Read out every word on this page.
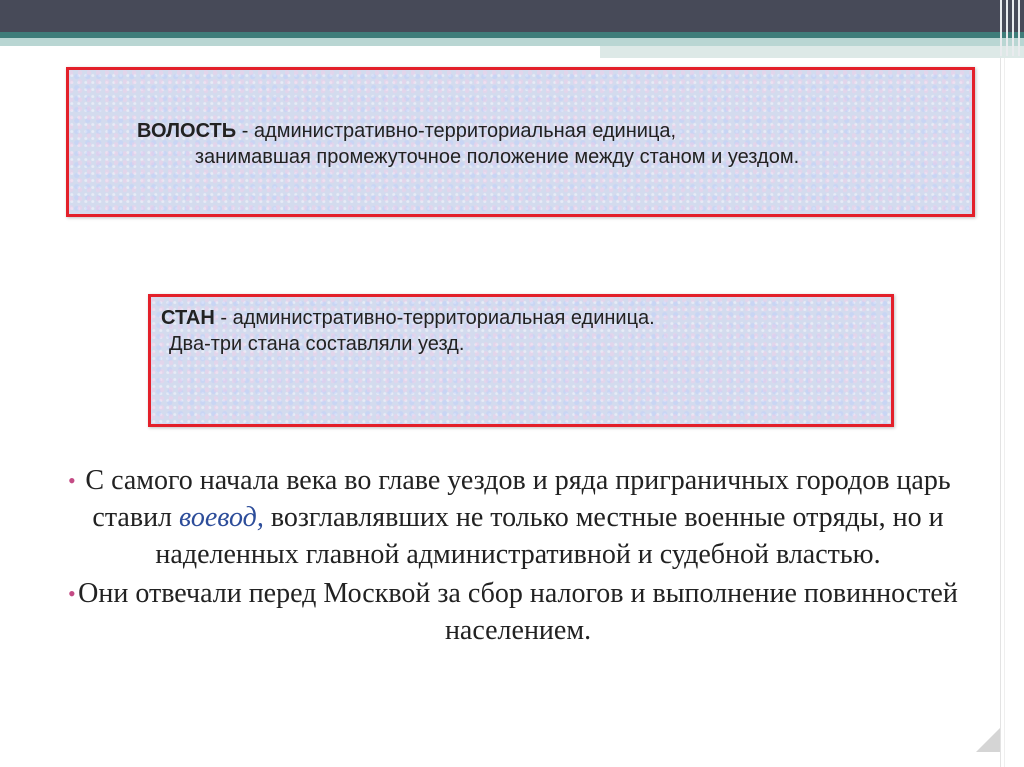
ВОЛОСТЬ - административно-территориальная единица,
занимавшая промежуточное положение между станом и уездом.
СТАН - административно-территориальная единица.
Два-три стана составляли уезд.
• С самого начала века во главе уездов и ряда приграничных городов царь ставил воевод, возглавлявших не только местные военные отряды, но и наделенных главной административной и судебной властью.
• Они отвечали перед Москвой за сбор налогов и выполнение повинностей населением.
